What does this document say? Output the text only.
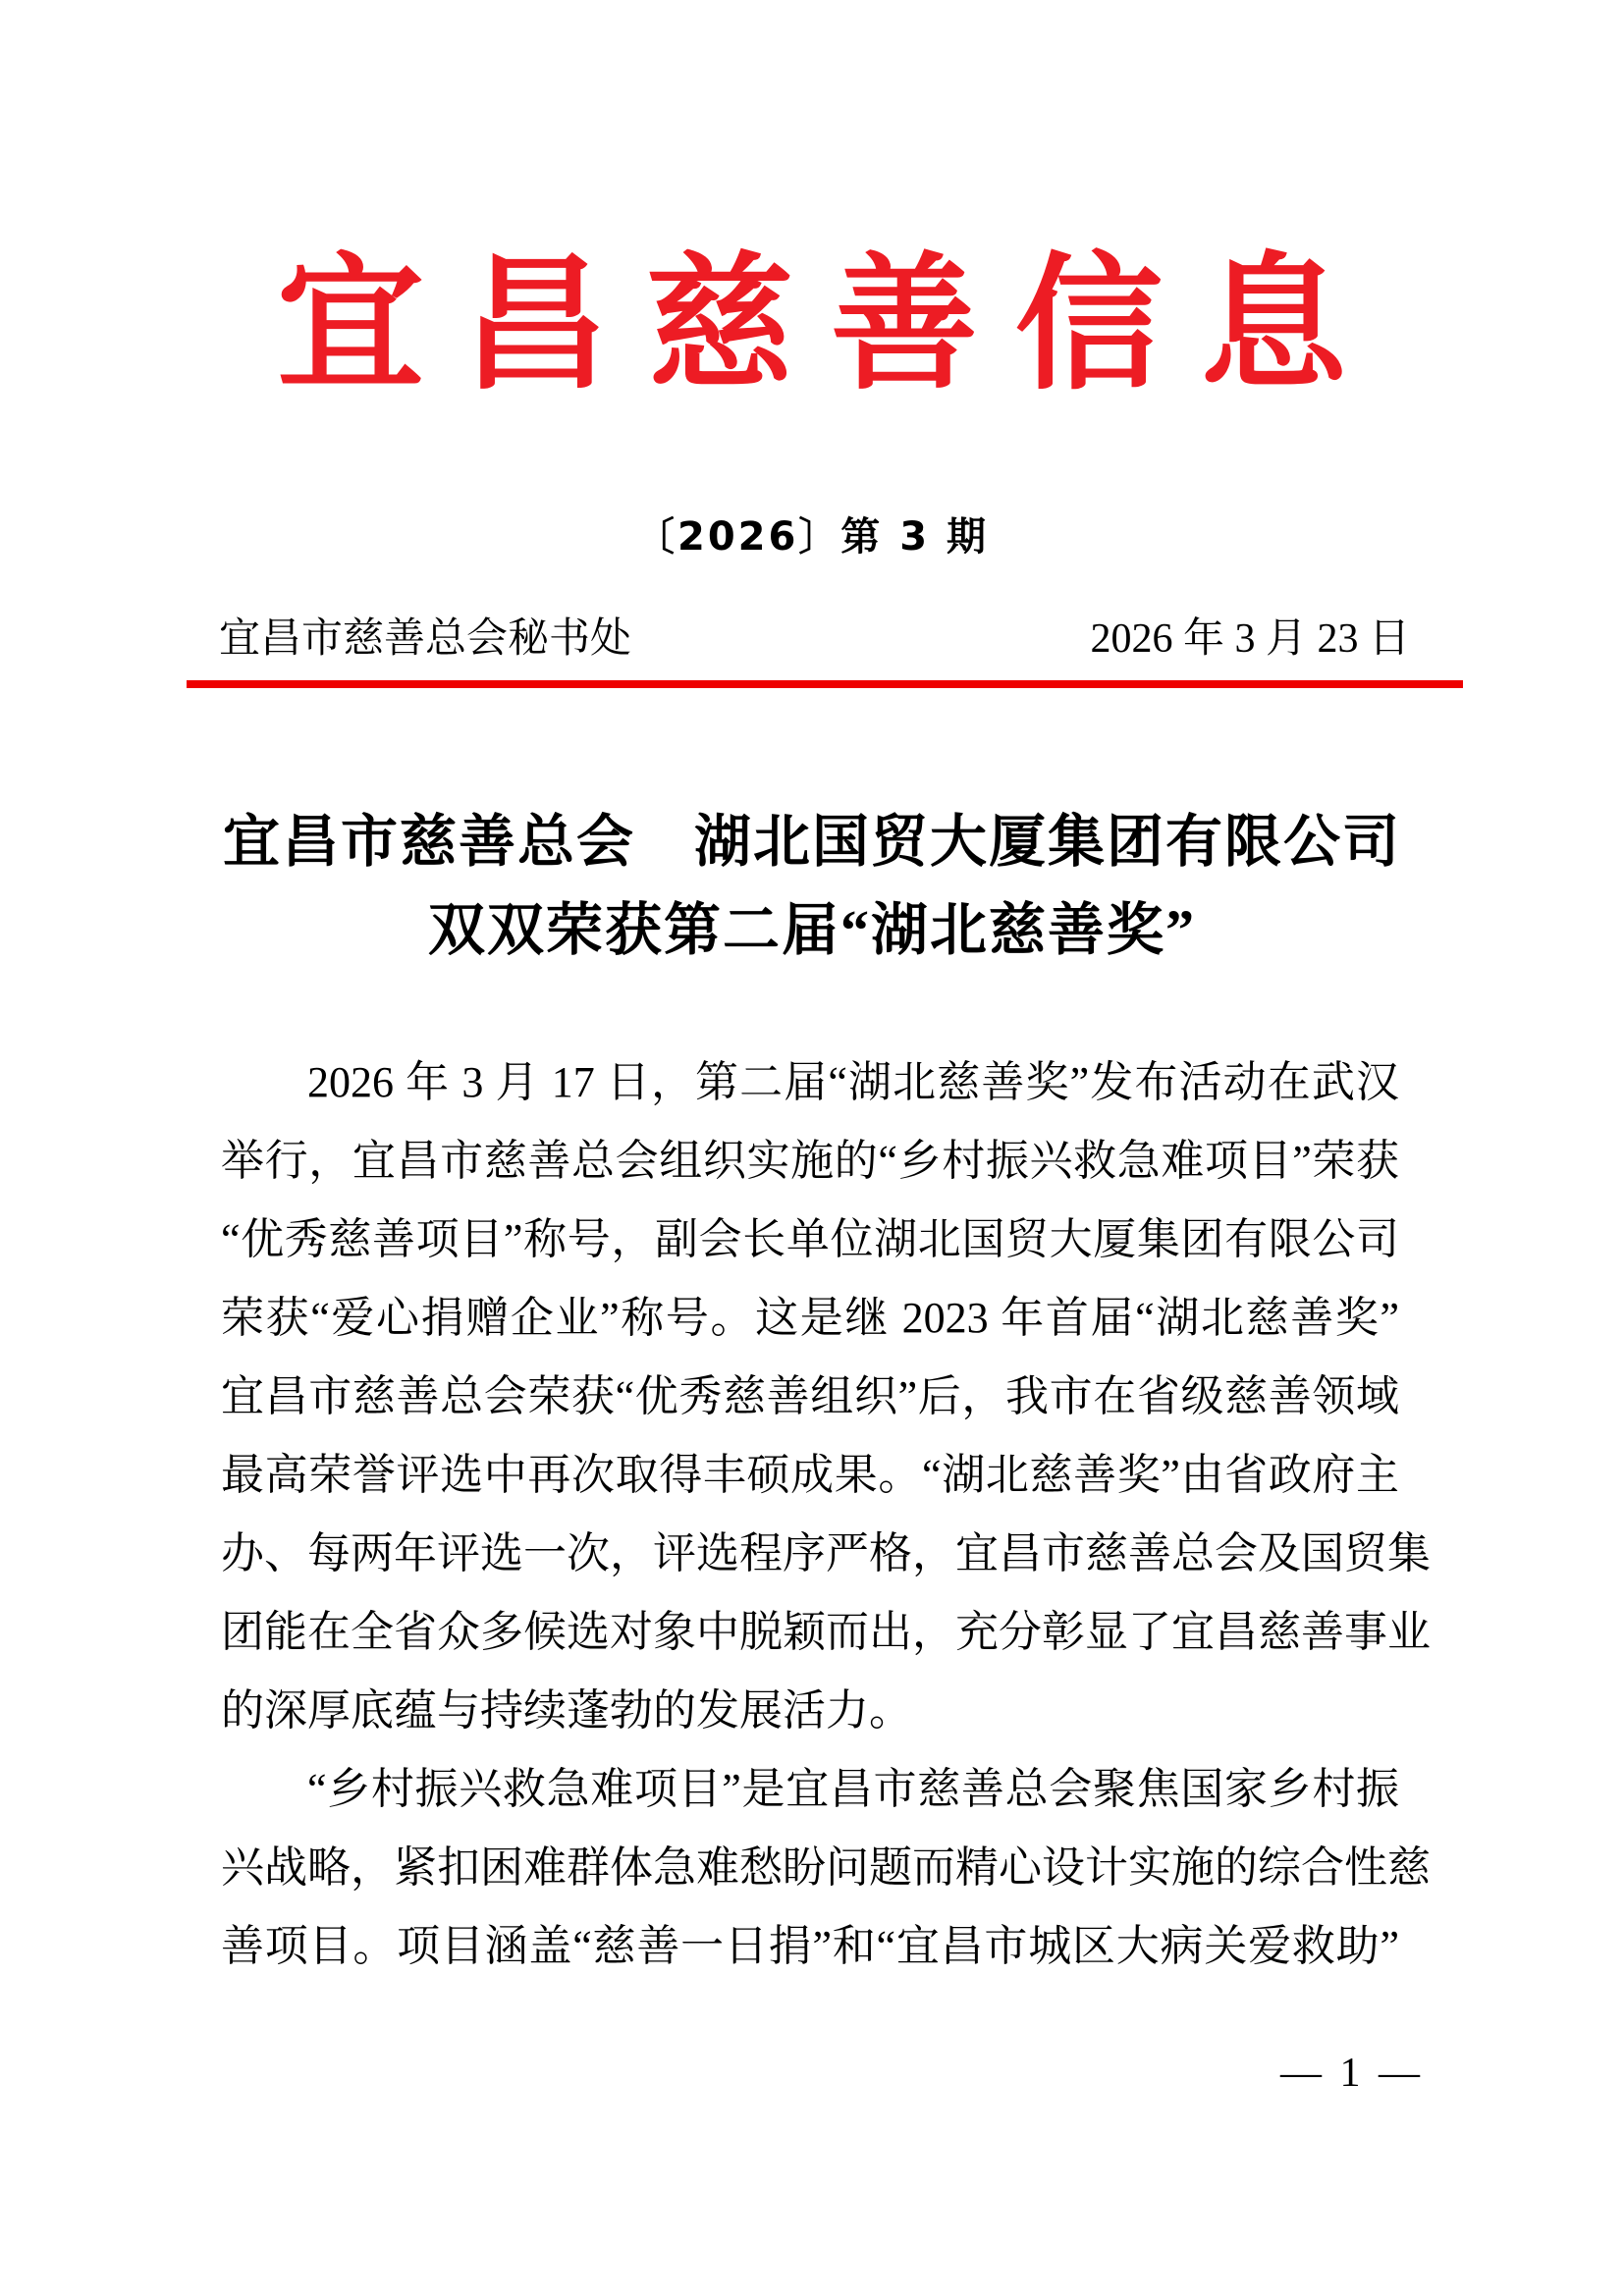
宜昌慈善信息
〔2026〕第 3 期
宜昌市慈善总会秘书处	2026 年 3 月 23 日
宜昌市慈善总会　湖北国贸大厦集团有限公司
双双荣获第二届“湖北慈善奖”
2026 年 3 月 17 日，第二届“湖北慈善奖”发布活动在武汉
举行，宜昌市慈善总会组织实施的“乡村振兴救急难项目”荣获
“优秀慈善项目”称号，副会长单位湖北国贸大厦集团有限公司
荣获“爱心捐赠企业”称号。这是继 2023 年首届“湖北慈善奖”
宜昌市慈善总会荣获“优秀慈善组织”后，我市在省级慈善领域
最高荣誉评选中再次取得丰硕成果。“湖北慈善奖”由省政府主
办、每两年评选一次，评选程序严格，宜昌市慈善总会及国贸集
团能在全省众多候选对象中脱颖而出，充分彰显了宜昌慈善事业
的深厚底蕴与持续蓬勃的发展活力。
“乡村振兴救急难项目”是宜昌市慈善总会聚焦国家乡村振
兴战略，紧扣困难群体急难愁盼问题而精心设计实施的综合性慈
善项目。项目涵盖“慈善一日捐”和“宜昌市城区大病关爱救助”
— 1 —
